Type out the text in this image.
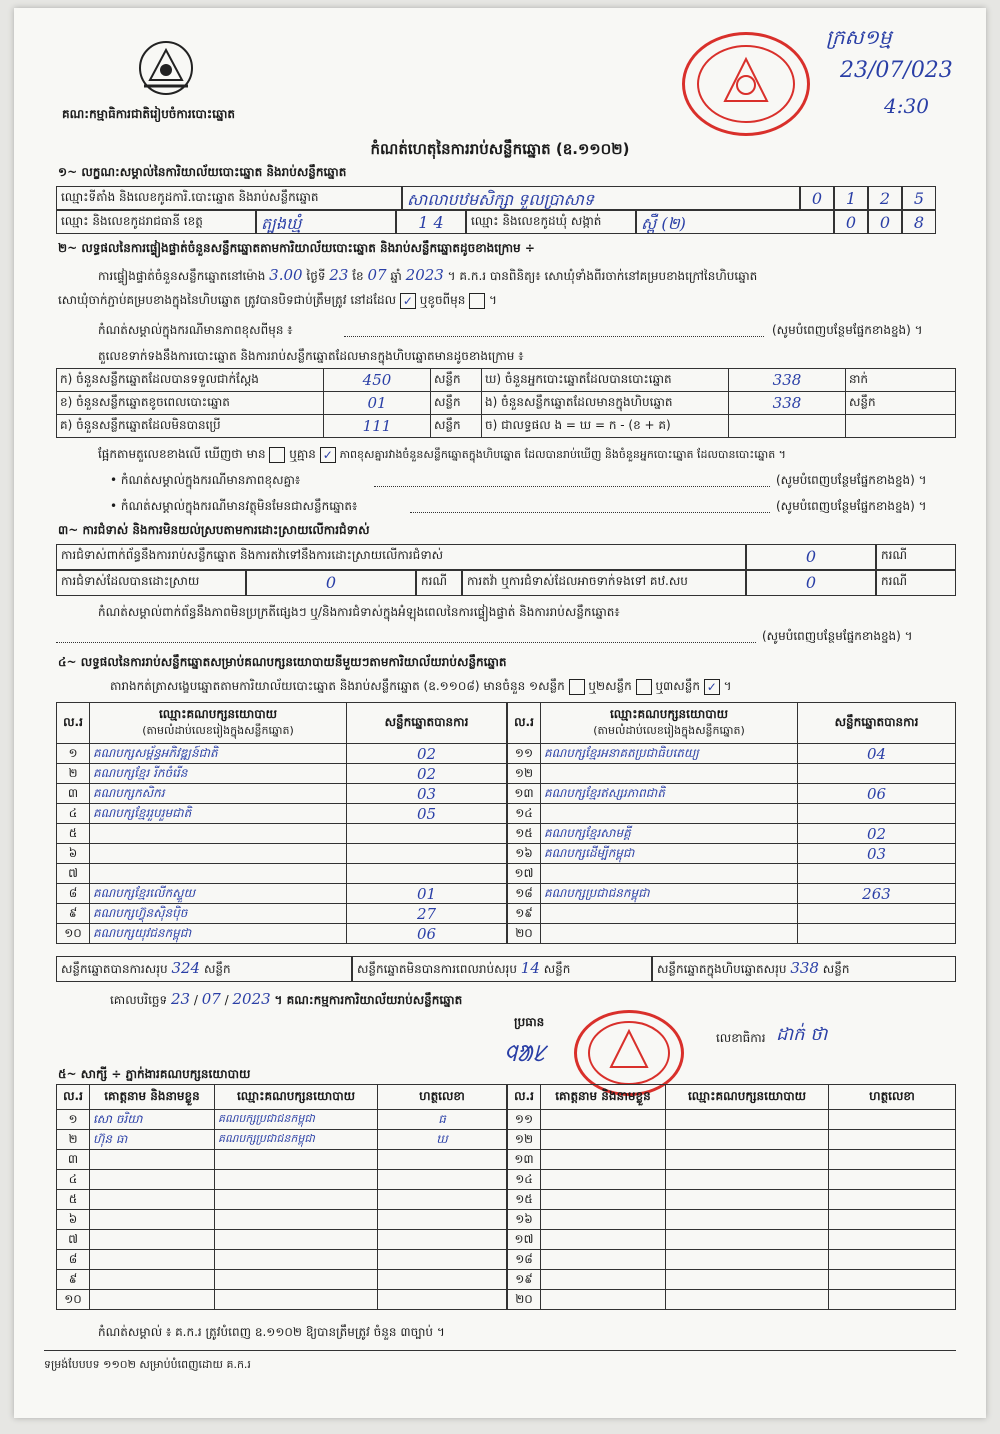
គណ:កម្មាធិការជាតិរៀបចំការបោះឆ្នោត
ក្រស១ម្ម
23/07/023
4:30
កំណត់ហេតុនៃការរាប់សន្លឹកឆ្នោត (ឧ.១១០២)
១~ លក្ខណ:សម្គាល់នៃការិយាល័យបោះឆ្នោត និងរាប់សន្លឹកឆ្នោត
ឈ្មោះទីតាំង និងលេខកូដការិ.បោះឆ្នោត និងរាប់សន្លឹកឆ្នោត	សាលាបឋមសិក្សា ទួលប្រាសាទ	0	1	2	5
ឈ្មោះ និងលេខកូដរាជធានី ខេត្ត	ត្បូងឃ្មុំ	1 4	ឈ្មោះ និងលេខកូដឃុំ សង្កាត់	ស្ពឺ (២)	0	0	8
២~ លទ្ធផលនៃការផ្ទៀងផ្ទាត់ចំនួនសន្លឹកឆ្នោតតាមការិយាល័យបោះឆ្នោត និងរាប់សន្លឹកឆ្នោតដូចខាងក្រោម ÷
ការផ្ទៀងផ្ទាត់ចំនួនសន្លឹកឆ្នោតនៅម៉ោង 3.00 ថ្ងៃទី 23 ខែ 07 ឆ្នាំ 2023 ។ គ.ក.រ បានពិនិត្យ៖ សោឃុំទាំងពីរចាក់នៅគម្របខាងក្រៅនៃហិបឆ្នោត
សោឃុំចាក់ភ្ជាប់គម្របខាងក្នុងនៃហិបឆ្នោត ត្រូវបានបិទជាប់ត្រឹមត្រូវ នៅដដែល ✓ ឬខូចពីមុន  ។
កំណត់សម្គាល់ក្នុងករណីមានភាពខុសពីមុន ៖	(សូមបំពេញបន្ថែមផ្នែកខាងខ្នង) ។
តួលេខទាក់ទងនឹងការបោះឆ្នោត និងការរាប់សន្លឹកឆ្នោតដែលមានក្នុងហិបឆ្នោតមានដូចខាងក្រោម ៖
ក) ចំនួនសន្លឹកឆ្នោតដែលបានទទួលជាក់ស្តែង	450	សន្លឹក	ឃ) ចំនួនអ្នកបោះឆ្នោតដែលបានបោះឆ្នោត	338	នាក់
ខ) ចំនួនសន្លឹកឆ្នោតខូចពេលបោះឆ្នោត	01	សន្លឹក	ង) ចំនួនសន្លឹកឆ្នោតដែលមានក្នុងហិបឆ្នោត	338	សន្លឹក
គ) ចំនួនសន្លឹកឆ្នោតដែលមិនបានប្រើ	111	សន្លឹក	ច) ជាលទ្ធផល ង = ឃ = ក - (ខ + គ)		
ផ្អែកតាមតួលេខខាងលើ ឃើញថា មាន ឬគ្មាន ✓ ភាពខុសគ្នារវាងចំនួនសន្លឹកឆ្នោតក្នុងហិបឆ្នោត ដែលបានរាប់ឃើញ និងចំនួនអ្នកបោះឆ្នោត ដែលបានបោះឆ្នោត ។
• កំណត់សម្គាល់ក្នុងករណីមានភាពខុសគ្នា៖	(សូមបំពេញបន្ថែមផ្នែកខាងខ្នង) ។
• កំណត់សម្គាល់ក្នុងករណីមានវត្ថុមិនមែនជាសន្លឹកឆ្នោត៖	(សូមបំពេញបន្ថែមផ្នែកខាងខ្នង) ។
៣~ ការជំទាស់ និងការមិនយល់ស្របតាមការដោះស្រាយលើការជំទាស់
ការជំទាស់ពាក់ព័ន្ធនឹងការរាប់សន្លឹកឆ្នោត និងការតវ៉ាទៅនឹងការដោះស្រាយលើការជំទាស់	0	ករណី
ការជំទាស់ដែលបានដោះស្រាយ	0	ករណី	ការតវ៉ា ឬការជំទាស់ដែលអាចទាក់ទងទៅ គឋ.សប	0	ករណី
កំណត់សម្គាល់ពាក់ព័ន្ធនឹងភាពមិនប្រក្រតីផ្សេងៗ ឬ/និងការជំទាស់ក្នុងអំឡុងពេលនៃការផ្ទៀងផ្ទាត់ និងការរាប់សន្លឹកឆ្នោត៖
(សូមបំពេញបន្ថែមផ្នែកខាងខ្នង) ។
៤~ លទ្ធផលនៃការរាប់សន្លឹកឆ្នោតសម្រាប់គណបក្សនយោបាយនីមួយៗតាមការិយាល័យរាប់សន្លឹកឆ្នោត
តារាងកត់ត្រាសង្ខេបឆ្នោតតាមការិយាល័យបោះឆ្នោត និងរាប់សន្លឹកឆ្នោត (ឧ.១១០៨) មានចំនួន ១សន្លឹក ឬ២សន្លឹក ឬ៣សន្លឹក ✓ ។
ល.រ	ឈ្មោះគណបក្សនយោបាយ
(តាមលំដាប់លេខរៀងក្នុងសន្លឹកឆ្នោត)	សន្លឹកឆ្នោតបានការ
១	គណបក្សសម្ព័ន្ធអភិវឌ្ឍន៍ជាតិ	02
២	គណបក្សខ្មែរ រីកចំរើន	02
៣	គណបក្សកសិករ	03
៤	គណបក្សខ្មែររួបរួមជាតិ	05
៥		
៦		
៧		
៨	គណបក្សខ្មែរលើកស្ទួយ	01
៩	គណបក្សហ៊្វុនស៊ិនប៉ិច	27
១០	គណបក្សយុវជនកម្ពុជា	06
ល.រ	ឈ្មោះគណបក្សនយោបាយ
(តាមលំដាប់លេខរៀងក្នុងសន្លឹកឆ្នោត)	សន្លឹកឆ្នោតបានការ
១១	គណបក្សខ្មែរអនាគតប្រជាធិបតេយ្យ	04
១២		
១៣	គណបក្សខ្មែរឥស្សរភាពជាតិ	06
១៤		
១៥	គណបក្សខ្មែរសាមគ្គី	02
១៦	គណបក្សដើម្បីកម្ពុជា	03
១៧		
១៨	គណបក្សប្រជាជនកម្ពុជា	263
១៩		
២០		
សន្លឹកឆ្នោតបានការសរុប 324 សន្លឹក	សន្លឹកឆ្នោតមិនបានការពេលរាប់សរុប 14 សន្លឹក	សន្លឹកឆ្នោតក្នុងហិបឆ្នោតសរុប 338 សន្លឹក
គោលបរិច្ឆេទ 23 / 07 / 2023 ។ គណ:កម្មការការិយាល័យរាប់សន្លឹកឆ្នោត
ប្រធាន
ᱧᱟᱥ
លេខាធិការ ដាក់ ថា
៥~ សាក្សី ÷ ភ្នាក់ងារគណបក្សនយោបាយ
ល.រ	គោត្តនាម និងនាមខ្លួន	ឈ្មោះគណបក្សនយោបាយ	ហត្ថលេខា
១	សោ ចរិយា	គណបក្សប្រជាជនកម្ពុជា	ធ
២	ហ៊ុន ធា	គណបក្សប្រជាជនកម្ពុជា	ឃ
៣			
៤			
៥			
៦			
៧			
៨			
៩			
១០			
ល.រ	គោត្តនាម និងនាមខ្លួន	ឈ្មោះគណបក្សនយោបាយ	ហត្ថលេខា
១១			
១២			
១៣			
១៤			
១៥			
១៦			
១៧			
១៨			
១៩			
២០			
កំណត់សម្គាល់ ៖ គ.ក.រ ត្រូវបំពេញ ឧ.១១០២ ឱ្យបានត្រឹមត្រូវ ចំនួន ៣ច្បាប់ ។
ទម្រង់បែបបទ ១១០២ សម្រាប់បំពេញដោយ គ.ក.រ
